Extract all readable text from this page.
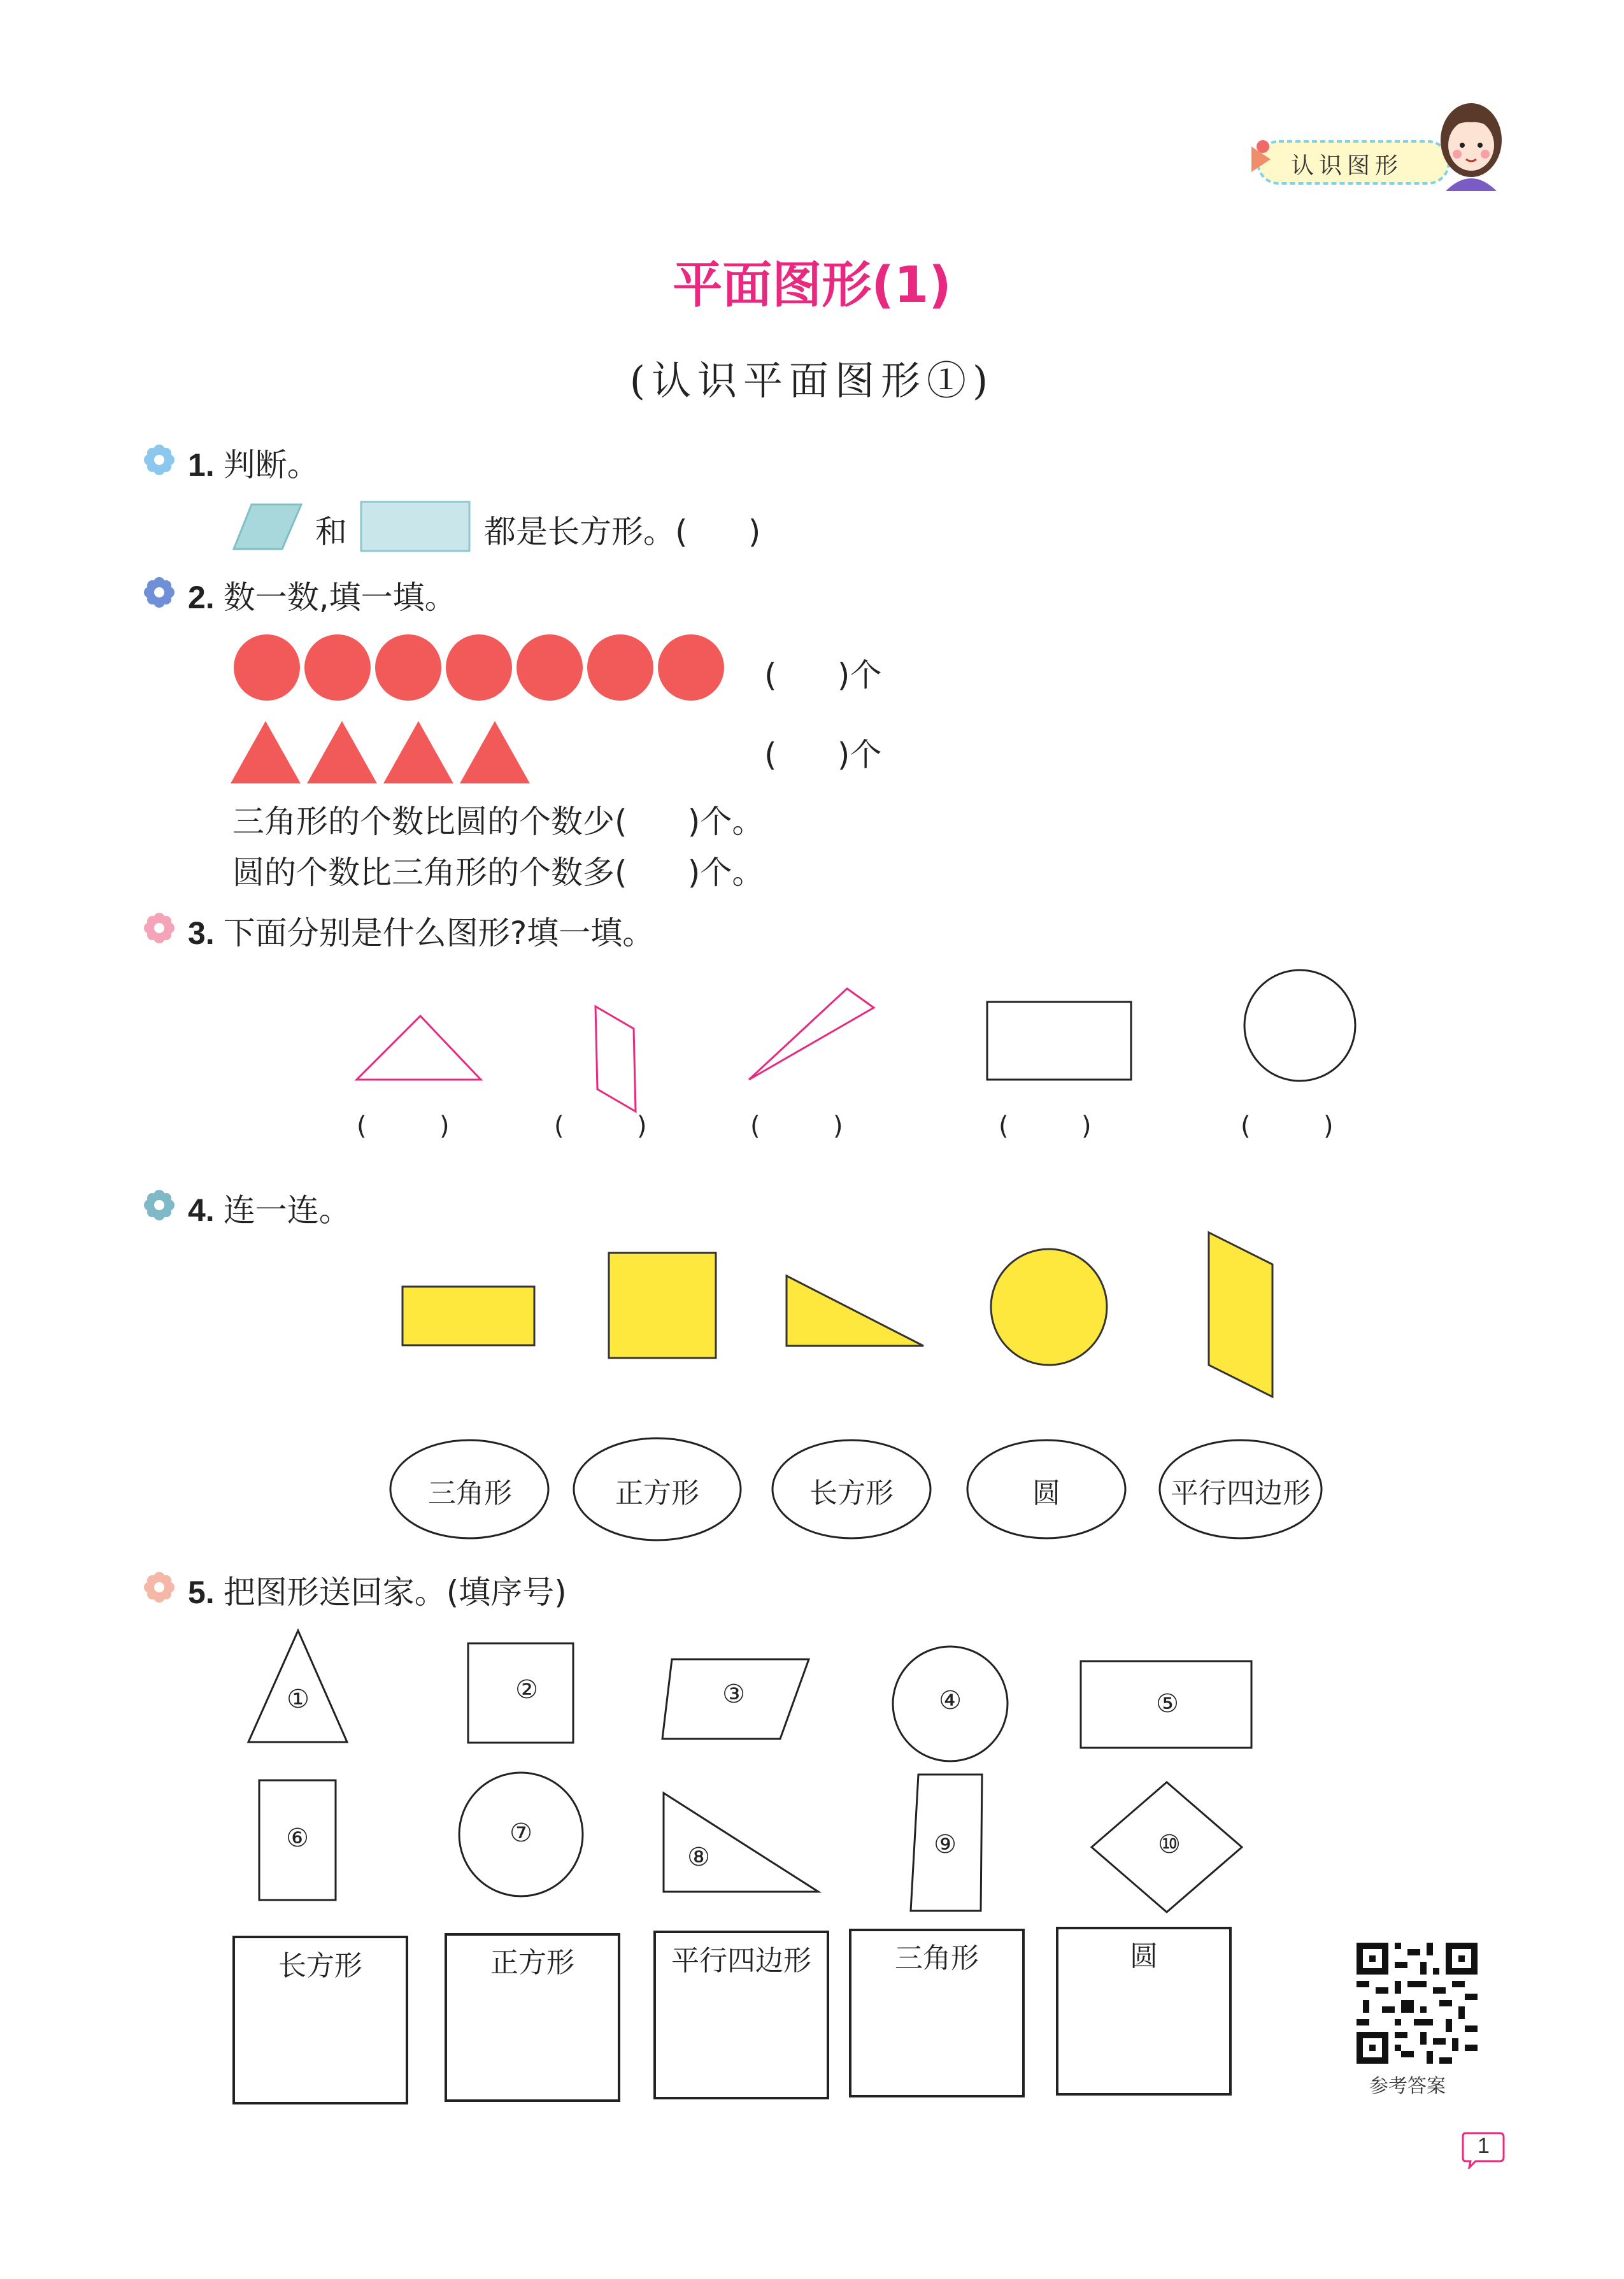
认识图形
平面图形(1)
(认识平面图形①)
1. 判断。
和	都是长方形。(      )
2. 数一数,填一填。
(      )个
(      )个
三角形的个数比圆的个数少(      )个。
圆的个数比三角形的个数多(      )个。
3. 下面分别是什么图形?填一填。
(         )	(         )	(         )	(         )	(         )
4. 连一连。
三角形	正方形	长方形	圆	平行四边形
5. 把图形送回家。(填序号)
①	②	③	④	⑤
⑥	⑦
⑧	⑨	⑩
长方形	正方形	平行四边形	三角形	圆
参考答案
1
